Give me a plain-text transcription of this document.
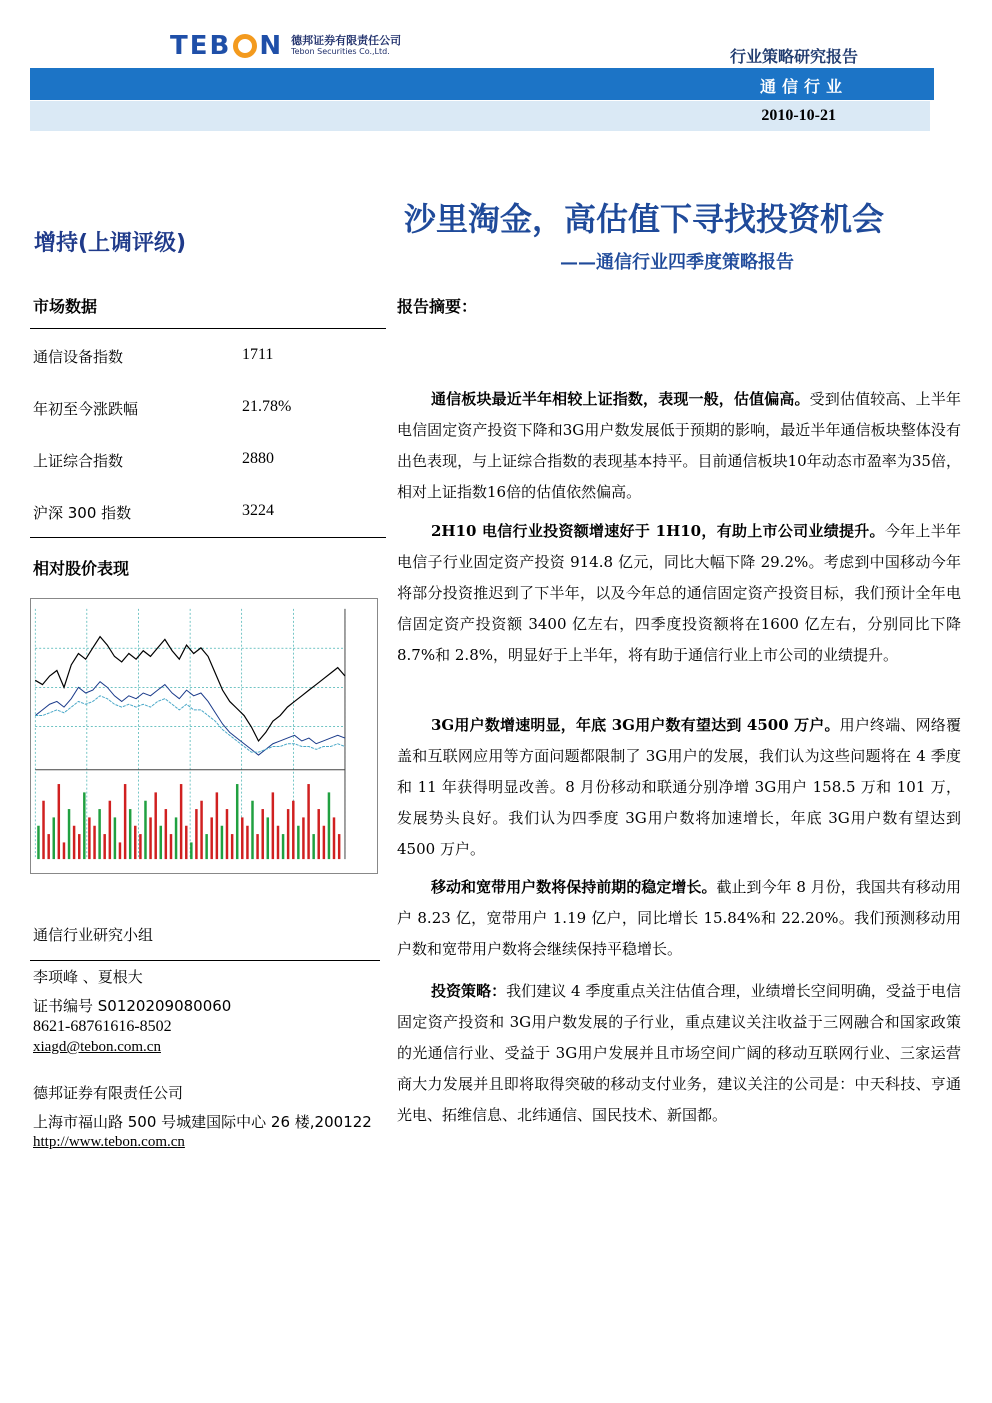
TEB N 德邦证券有限责任公司
Tebon Securities Co.,Ltd.	行业策略研究报告
通信行业
2010-10-21
沙里淘金，高估值下寻找投资机会
——通信行业四季度策略报告
增持(上调评级)
市场数据
通信设备指数	1711
年初至今涨跌幅	21.78%
上证综合指数	2880
沪深 300 指数	3224
相对股价表现
通信行业研究小组
李项峰 、夏根大
证书编号 S0120209080060
8621-68761616-8502
xiagd@tebon.com.cn
德邦证券有限责任公司
上海市福山路 500 号城建国际中心 26 楼,200122
http://www.tebon.com.cn
报告摘要：
通信板块最近半年相较上证指数，表现一般，估值偏高。受到估值较高、上半年电信固定资产投资下降和3G用户数发展低于预期的影响，最近半年通信板块整体没有出色表现，与上证综合指数的表现基本持平。目前通信板块10年动态市盈率为35倍，相对上证指数16倍的估值依然偏高。
2H10 电信行业投资额增速好于 1H10，有助上市公司业绩提升。今年上半年电信子行业固定资产投资 914.8 亿元，同比大幅下降 29.2%。考虑到中国移动今年将部分投资推迟到了下半年，以及今年总的通信固定资产投资目标，我们预计全年电信固定资产投资额 3400 亿左右，四季度投资额将在1600 亿左右，分别同比下降 8.7%和 2.8%，明显好于上半年，将有助于通信行业上市公司的业绩提升。
3G用户数增速明显，年底 3G用户数有望达到 4500 万户。用户终端、网络覆盖和互联网应用等方面问题都限制了 3G用户的发展，我们认为这些问题将在 4 季度和 11 年获得明显改善。8 月份移动和联通分别净增 3G用户 158.5 万和 101 万，发展势头良好。我们认为四季度 3G用户数将加速增长，年底 3G用户数有望达到 4500 万户。
移动和宽带用户数将保持前期的稳定增长。截止到今年 8 月份，我国共有移动用户 8.23 亿，宽带用户 1.19 亿户，同比增长 15.84%和 22.20%。我们预测移动用户数和宽带用户数将会继续保持平稳增长。
投资策略：我们建议 4 季度重点关注估值合理，业绩增长空间明确，受益于电信固定资产投资和 3G用户数发展的子行业，重点建议关注收益于三网融合和国家政策的光通信行业、受益于 3G用户发展并且市场空间广阔的移动互联网行业、三家运营商大力发展并且即将取得突破的移动支付业务，建议关注的公司是：中天科技、亨通光电、拓维信息、北纬通信、国民技术、新国都。
